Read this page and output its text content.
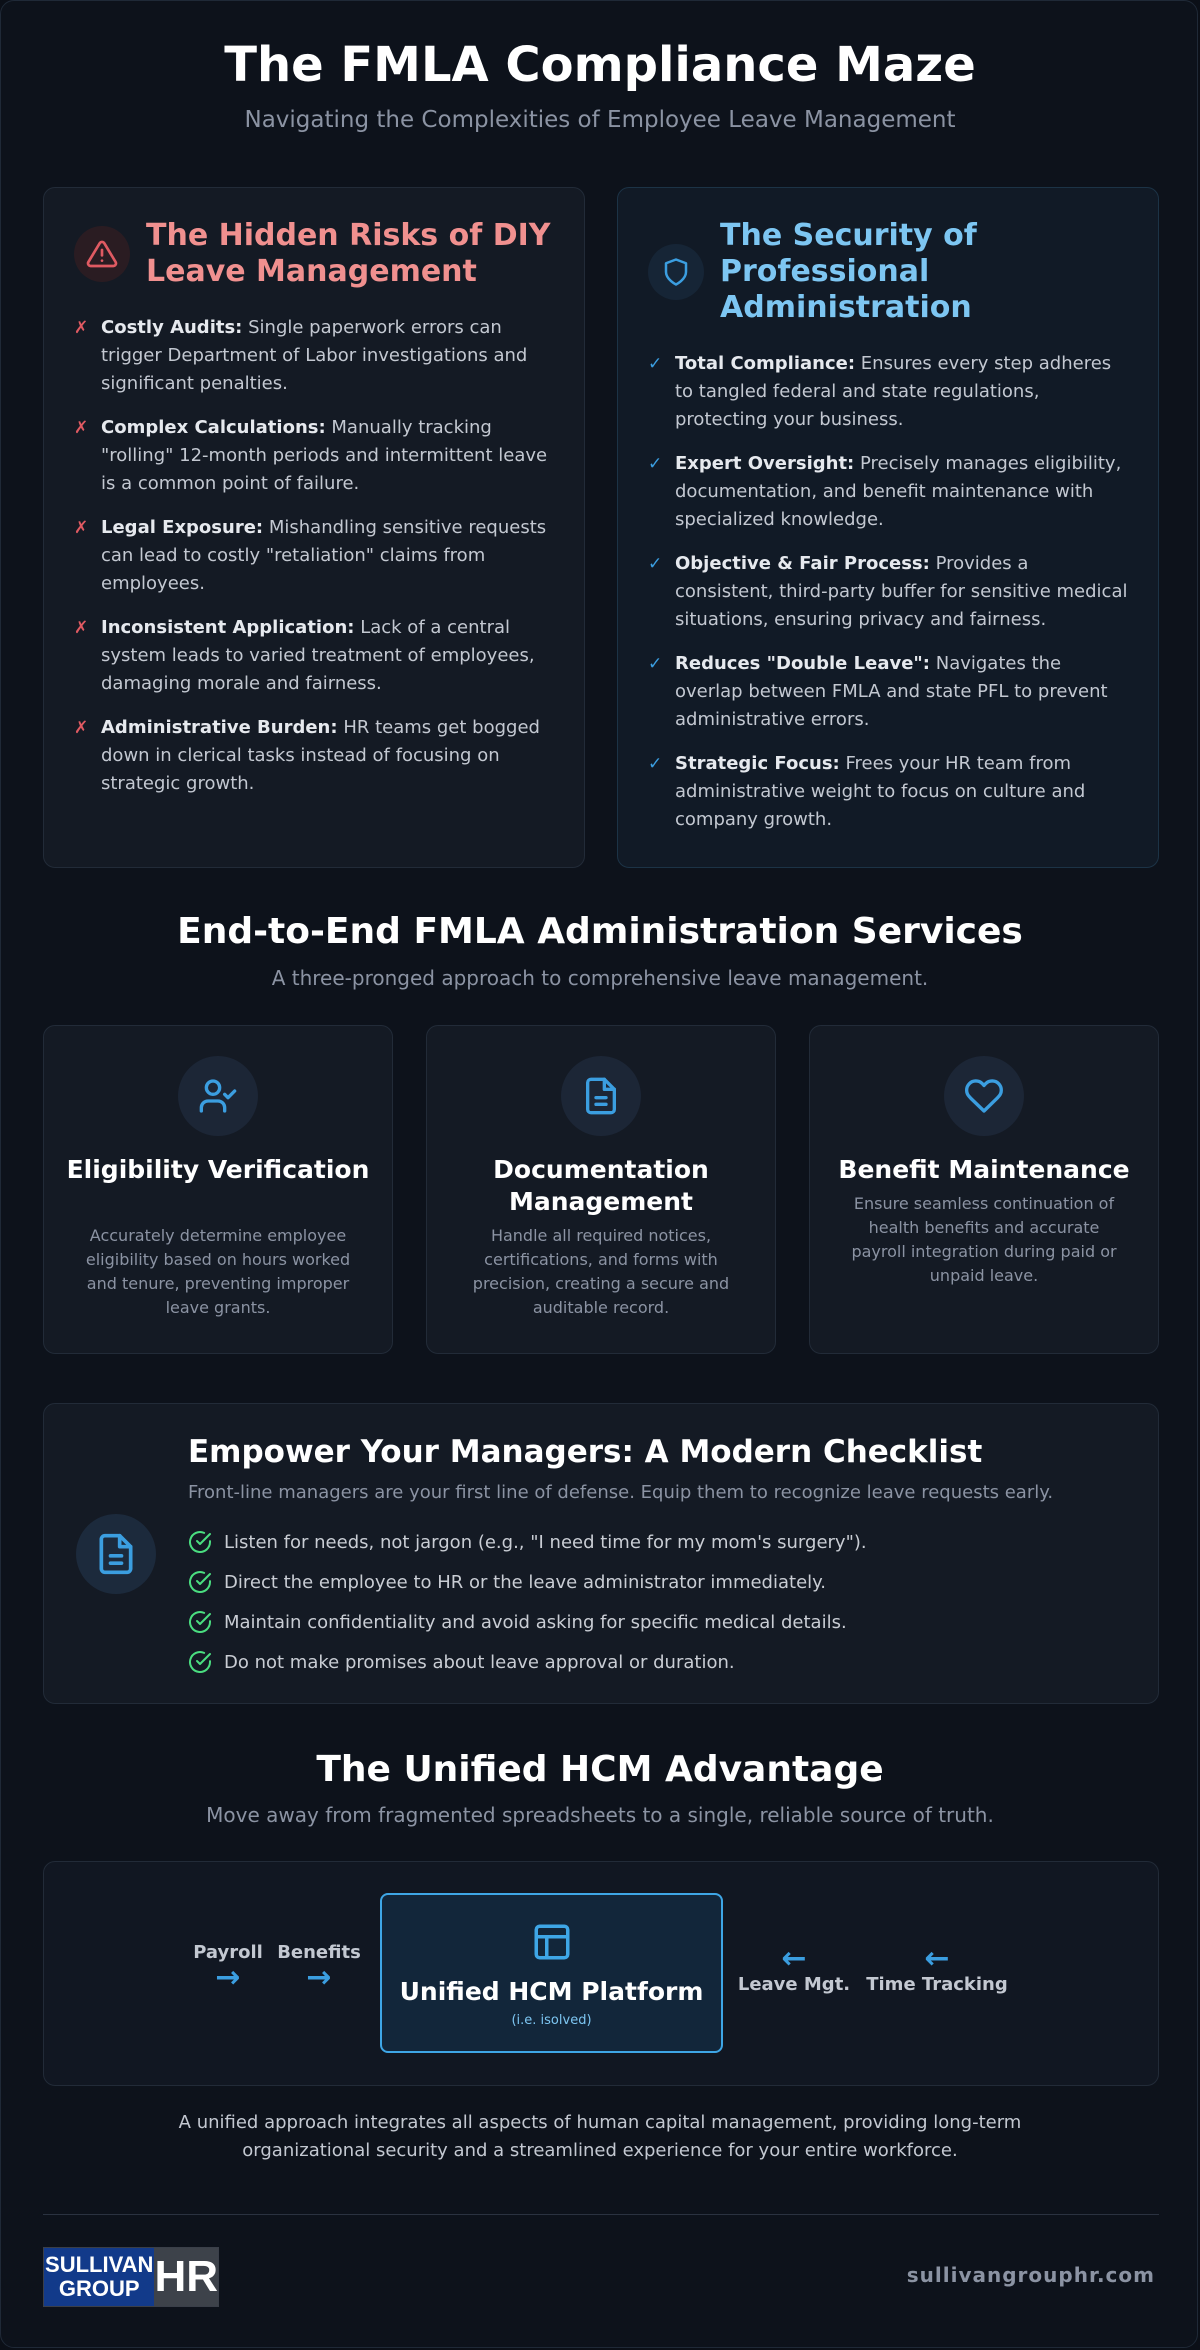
The FMLA Compliance Maze
Navigating the Complexities of Employee Leave Management
The Hidden Risks of DIY Leave Management
✗ Costly Audits: Single paperwork errors can trigger Department of Labor investigations and significant penalties.
✗ Complex Calculations: Manually tracking "rolling" 12-month periods and intermittent leave is a common point of failure.
✗ Legal Exposure: Mishandling sensitive requests can lead to costly "retaliation" claims from employees.
✗ Inconsistent Application: Lack of a central system leads to varied treatment of employees, damaging morale and fairness.
✗ Administrative Burden: HR teams get bogged down in clerical tasks instead of focusing on strategic growth.
The Security of Professional Administration
✓ Total Compliance: Ensures every step adheres to tangled federal and state regulations, protecting your business.
✓ Expert Oversight: Precisely manages eligibility, documentation, and benefit maintenance with specialized knowledge.
✓ Objective & Fair Process: Provides a consistent, third-party buffer for sensitive medical situations, ensuring privacy and fairness.
✓ Reduces "Double Leave": Navigates the overlap between FMLA and state PFL to prevent administrative errors.
✓ Strategic Focus: Frees your HR team from administrative weight to focus on culture and company growth.
End-to-End FMLA Administration Services
A three-pronged approach to comprehensive leave management.
Eligibility Verification
Accurately determine employee eligibility based on hours worked and tenure, preventing improper leave grants.
Documentation Management
Handle all required notices, certifications, and forms with precision, creating a secure and auditable record.
Benefit Maintenance
Ensure seamless continuation of health benefits and accurate payroll integration during paid or unpaid leave.
Empower Your Managers: A Modern Checklist
Front-line managers are your first line of defense. Equip them to recognize leave requests early.
Listen for needs, not jargon (e.g., "I need time for my mom's surgery").
Direct the employee to HR or the leave administrator immediately.
Maintain confidentiality and avoid asking for specific medical details.
Do not make promises about leave approval or duration.
The Unified HCM Advantage
Move away from fragmented spreadsheets to a single, reliable source of truth.
Payroll
→
Benefits
→	Unified HCM Platform
(i.e. isolved)
←
Leave Mgt.
←
Time Tracking
A unified approach integrates all aspects of human capital management, providing long-term organizational security and a streamlined experience for your entire workforce.
SULLIVAN
GROUP HR	sullivangrouphr.com
